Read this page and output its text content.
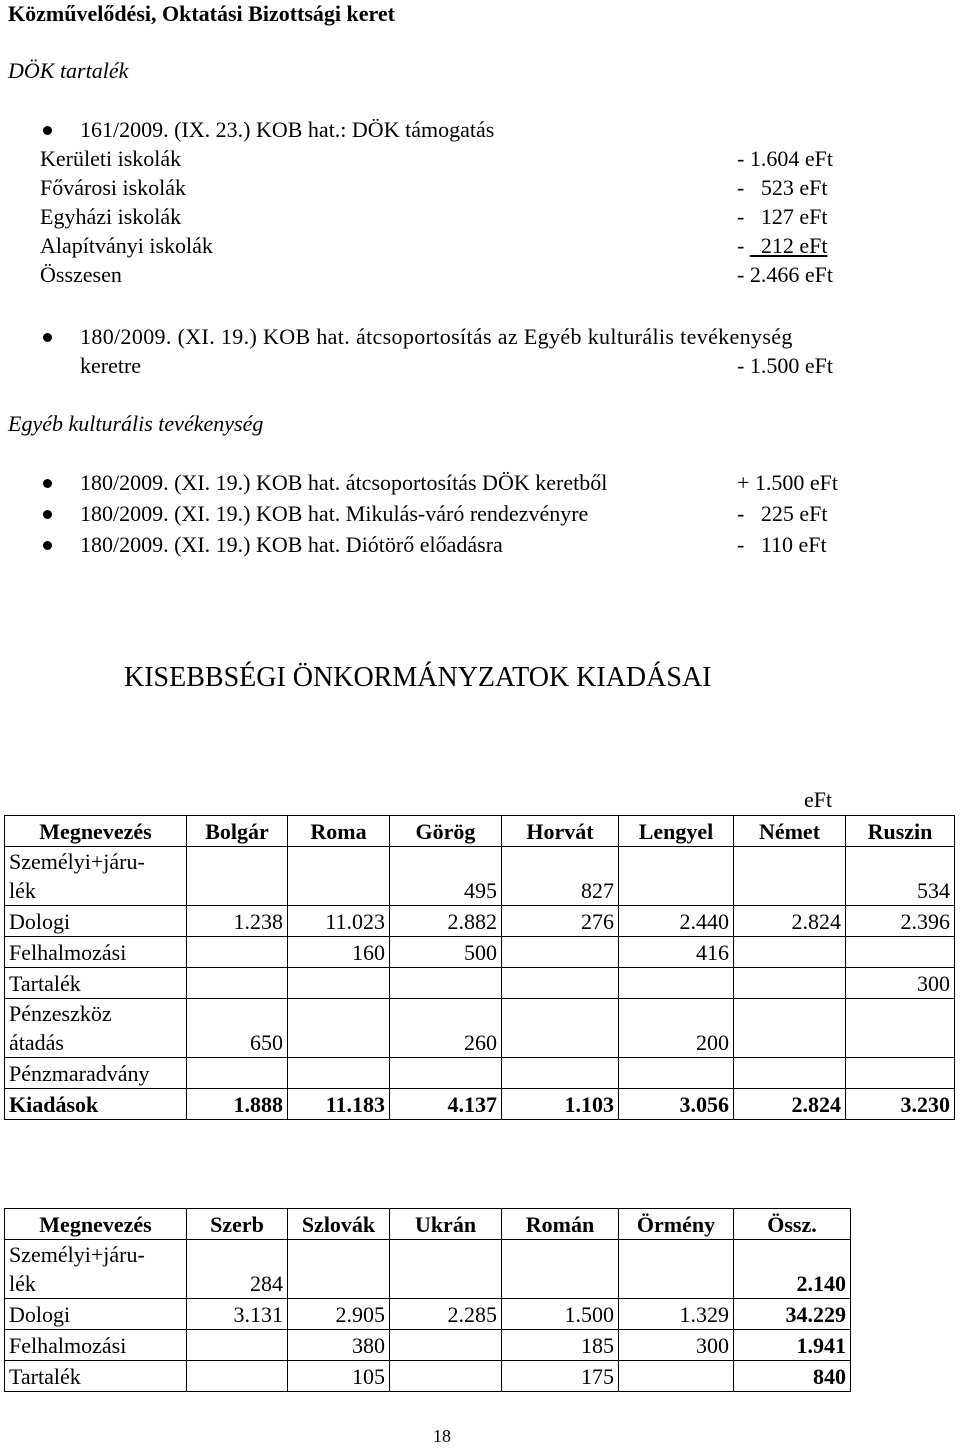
Közművelődési, Oktatási Bizottsági keret
DÖK tartalék
161/2009. (IX. 23.) KOB hat.: DÖK támogatás
Kerületi iskolák	- 1.604 eFt
Fővárosi iskolák	-   523 eFt
Egyházi iskolák	-   127 eFt
Alapítványi iskolák	-   212 eFt
Összesen	- 2.466 eFt
180/2009. (XI. 19.) KOB hat. átcsoportosítás az Egyéb kulturális tevékenység
keretre	- 1.500 eFt
Egyéb kulturális tevékenység
180/2009. (XI. 19.) KOB hat. átcsoportosítás DÖK keretből	+ 1.500 eFt
180/2009. (XI. 19.) KOB hat. Mikulás-váró rendezvényre	-   225 eFt
180/2009. (XI. 19.) KOB hat. Diótörő előadásra	-   110 eFt
KISEBBSÉGI ÖNKORMÁNYZATOK KIADÁSAI
eFt
Megnevezés	Bolgár	Roma	Görög	Horvát	Lengyel	Német	Ruszin

Személyi+járu-lék			495	827			534
Dologi	1.238	11.023	2.882	276	2.440	2.824	2.396
Felhalmozási		160	500		416		
Tartalék							300

Pénzeszköz átadás	650		260		200		
Pénzmaradvány							
Kiadások	1.888	11.183	4.137	1.103	3.056	2.824	3.230
Megnevezés	Szerb	Szlovák	Ukrán	Román	Örmény	Össz.

Személyi+járu-lék	284					2.140
Dologi	3.131	2.905	2.285	1.500	1.329	34.229
Felhalmozási		380		185	300	1.941
Tartalék		105		175		840
18
